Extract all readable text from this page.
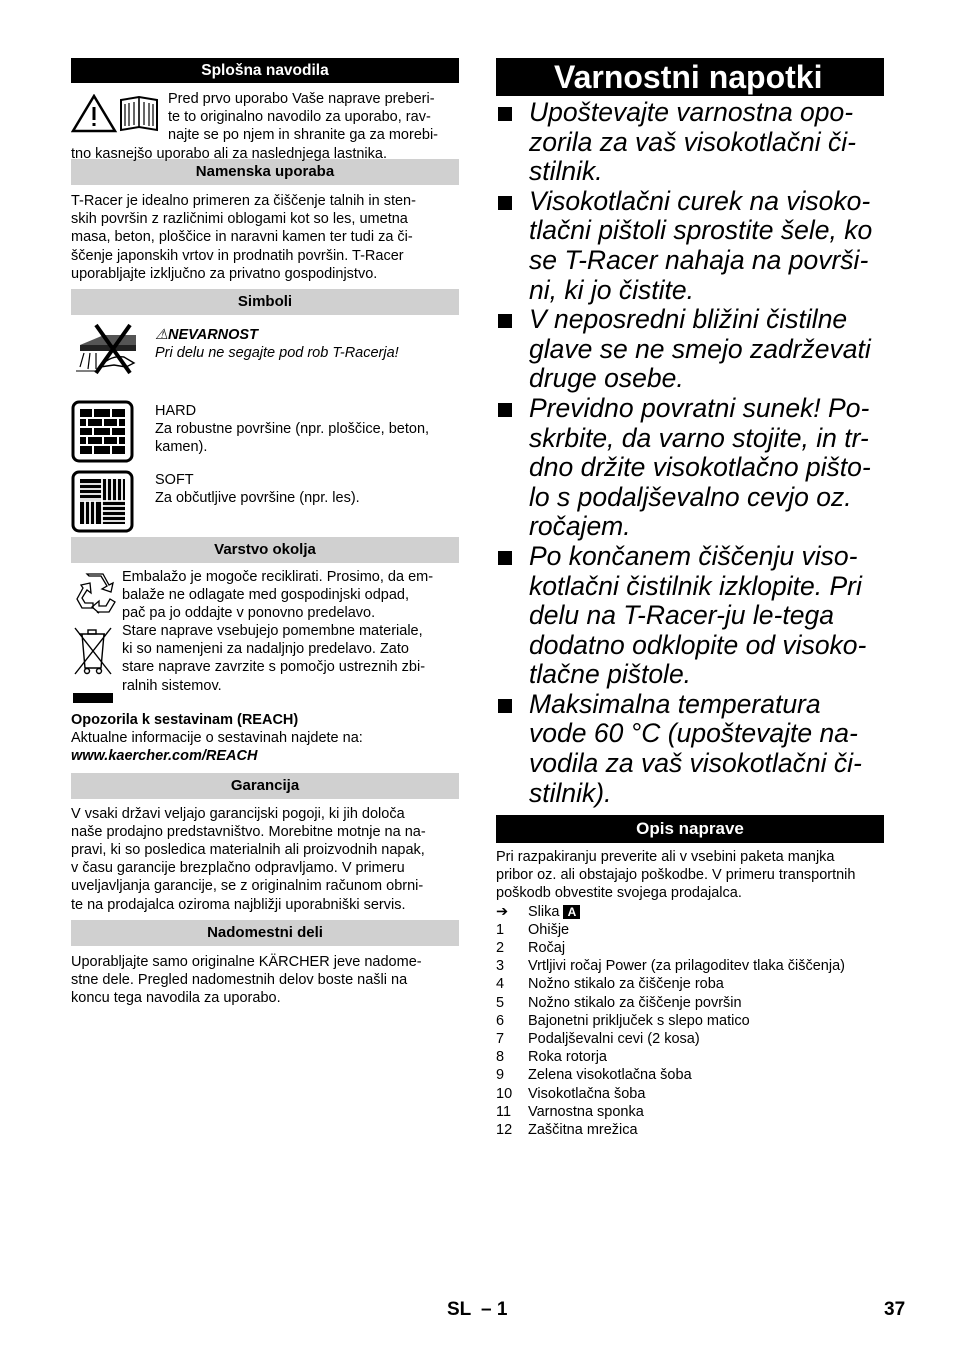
Splošna navodila

Pred prvo uporabo Vaše naprave preberi-

te to originalno navodilo za uporabo, rav-

najte se po njem in shranite ga za morebi-

tno kasnejšo uporabo ali za naslednjega lastnika.

Namenska uporaba

T-Racer je idealno primeren za čiščenje talnih in sten-

skih površin z različnimi oblogami kot so les, umetna

masa, beton, ploščice in naravni kamen ter tudi za či-

ščenje japonskih vrtov in prodnatih površin. T-Racer

uporabljajte izključno za privatno gospodinjstvo.

Simboli

⚠NEVARNOST

Pri delu ne segajte pod rob T-Racerja!

HARD

Za robustne površine (npr. ploščice, beton,

kamen).

SOFT

Za občutljive površine (npr. les).

Varstvo okolja

Embalažo je mogoče reciklirati. Prosimo, da em-

balaže ne odlagate med gospodinjski odpad,

pač pa jo oddajte v ponovno predelavo.

Stare naprave vsebujejo pomembne materiale,

ki so namenjeni za nadaljnjo predelavo. Zato

stare naprave zavrzite s pomočjo ustreznih zbi-

ralnih sistemov.

Opozorila k sestavinam (REACH)

Aktualne informacije o sestavinah najdete na:

www.kaercher.com/REACH

Garancija

V vsaki državi veljajo garancijski pogoji, ki jih določa

naše prodajno predstavništvo. Morebitne motnje na na-

pravi, ki so posledica materialnih ali proizvodnih napak,

v času garancije brezplačno odpravljamo. V primeru

uveljavljanja garancije, se z originalnim računom obrni-

te na prodajalca oziroma najbližji uporabniški servis.

Nadomestni deli

Uporabljajte samo originalne KÄRCHER jeve nadome-

stne dele. Pregled nadomestnih delov boste našli na

koncu tega navodila za uporabo.

Varnostni napotki
Upoštevajte varnostna opo-
zorila za vaš visokotlačni či-
stilnik.
Visokotlačni curek na visoko-
tlačni pištoli sprostite šele, ko
se T-Racer nahaja na površi-
ni, ki jo čistite.
V neposredni bližini čistilne
glave se ne smejo zadrževati
druge osebe.
Previdno povratni sunek! Po-
skrbite, da varno stojite, in tr-
dno držite visokotlačno pišto-
lo s podaljševalno cevjo oz.
ročajem.
Po končanem čiščenju viso-
kotlačni čistilnik izklopite. Pri
delu na T-Racer-ju le-tega
dodatno odklopite od visoko-
tlačne pištole.
Maksimalna temperatura
vode 60 °C (upoštevajte na-
vodila za vaš visokotlačni či-
stilnik).
Opis naprave

Pri razpakiranju preverite ali v vsebini paketa manjka

pribor oz. ali obstajajo poškodbe. V primeru transportnih

poškodb obvestite svojega prodajalca.

➔	Slika A
1	Ohišje
2	Ročaj
3	Vrtljivi ročaj Power (za prilagoditev tlaka čiščenja)
4	Nožno stikalo za čiščenje roba
5	Nožno stikalo za čiščenje površin
6	Bajonetni priključek s slepo matico
7	Podaljševalni cevi (2 kosa)
8	Roka rotorja
9	Zelena visokotlačna šoba
10	Visokotlačna šoba
11	Varnostna sponka
12	Zaščitna mrežica
SL – 1	37
